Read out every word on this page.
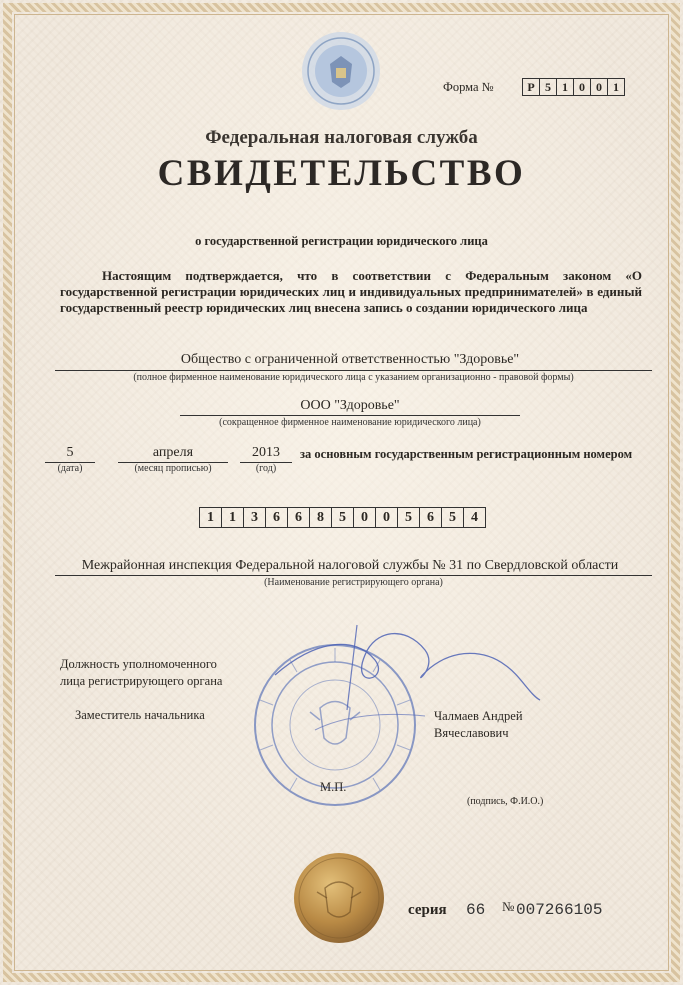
Форма №	Р 5 1 0 0 1
Федеральная налоговая служба
СВИДЕТЕЛЬСТВО
о государственной регистрации юридического лица
Настоящим подтверждается, что в соответствии с Федеральным законом «О государственной регистрации юридических лиц и индивидуальных предпринимателей» в единый государственный реестр юридических лиц внесена запись о создании юридического лица
Общество с ограниченной ответственностью "Здоровье"
(полное фирменное наименование юридического лица с указанием организационно - правовой формы)
ООО "Здоровье"
(сокращенное фирменное наименование юридического лица)
5
(дата)
апреля
(месяц прописью)
2013
(год)
за основным государственным регистрационным номером
1	1	3	6	6	8	5	0	0	5	6	5	4
Межрайонная инспекция Федеральной налоговой службы № 31 по Свердловской области
(Наименование регистрирующего органа)
Должность уполномоченного
лица регистрирующего органа
Заместитель начальника	Чалмаев Андрей
Вячеславович
М.П.
(подпись, Ф.И.О.)
серия 66 № 007266105
